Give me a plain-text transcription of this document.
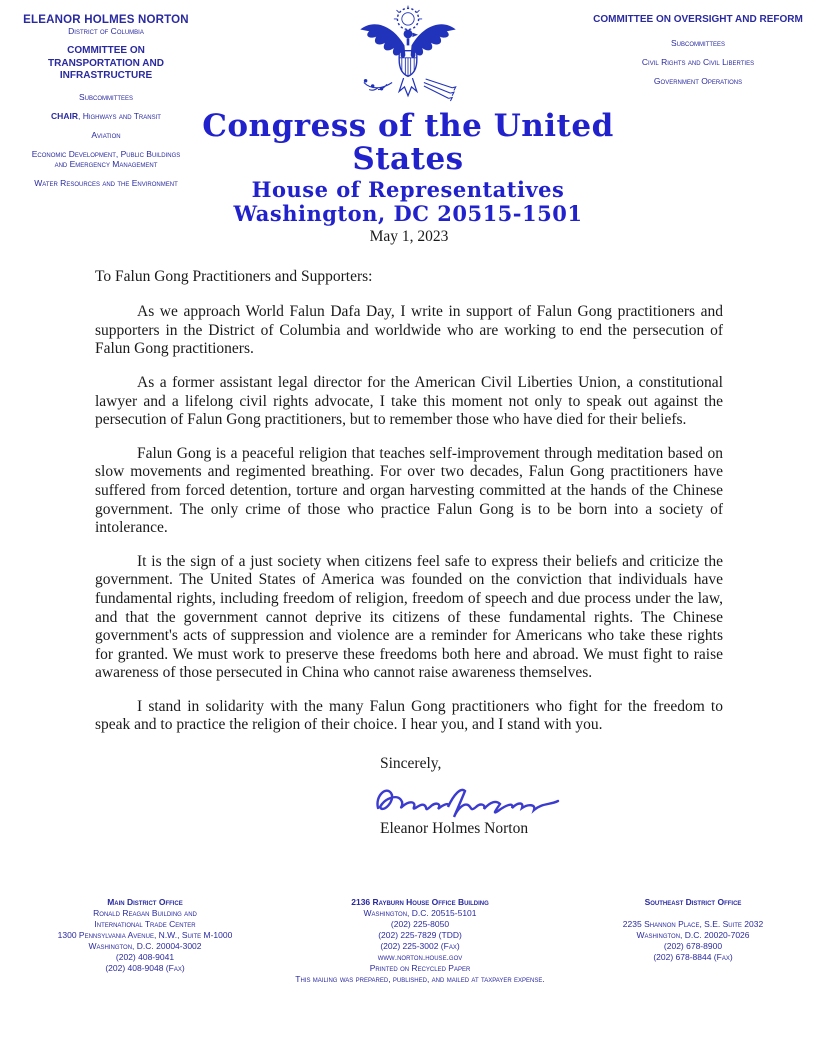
ELEANOR HOLMES NORTON
District of Columbia
COMMITTEE ON TRANSPORTATION AND INFRASTRUCTURE
Subcommittees
CHAIR, Highways and Transit
Aviation
Economic Development, Public Buildings and Emergency Management
Water Resources and the Environment
COMMITTEE ON OVERSIGHT AND REFORM
Subcommittees
Civil Rights and Civil Liberties
Government Operations
Congress of the United States
House of Representatives
Washington, DC 20515-1501
May 1, 2023
To Falun Gong Practitioners and Supporters:

As we approach World Falun Dafa Day, I write in support of Falun Gong practitioners and supporters in the District of Columbia and worldwide who are working to end the persecution of Falun Gong practitioners.

As a former assistant legal director for the American Civil Liberties Union, a constitutional lawyer and a lifelong civil rights advocate, I take this moment not only to speak out against the persecution of Falun Gong practitioners, but to remember those who have died for their beliefs.

Falun Gong is a peaceful religion that teaches self-improvement through meditation based on slow movements and regimented breathing. For over two decades, Falun Gong practitioners have suffered from forced detention, torture and organ harvesting committed at the hands of the Chinese government. The only crime of those who practice Falun Gong is to be born into a society of intolerance.

It is the sign of a just society when citizens feel safe to express their beliefs and criticize the government. The United States of America was founded on the conviction that individuals have fundamental rights, including freedom of religion, freedom of speech and due process under the law, and that the government cannot deprive its citizens of these fundamental rights. The Chinese government's acts of suppression and violence are a reminder for Americans who take these rights for granted. We must work to preserve these freedoms both here and abroad. We must fight to raise awareness of those persecuted in China who cannot raise awareness themselves.

I stand in solidarity with the many Falun Gong practitioners who fight for the freedom to speak and to practice the religion of their choice. I hear you, and I stand with you.

Sincerely,
Eleanor Holmes Norton
Main District Office
Ronald Reagan Building and
International Trade Center
1300 Pennsylvania Avenue, N.W., Suite M-1000
Washington, D.C. 20004-3002
(202) 408-9041
(202) 408-9048 (Fax)
2136 Rayburn House Office Building
Washington, D.C. 20515-5101
(202) 225-8050
(202) 225-7829 (TDD)
(202) 225-3002 (Fax)
www.norton.house.gov
Printed on Recycled Paper
This mailing was prepared, published, and mailed at taxpayer expense.
Southeast District Office
2235 Shannon Place, S.E. Suite 2032
Washington, D.C. 20020-7026
(202) 678-8900
(202) 678-8844 (Fax)
